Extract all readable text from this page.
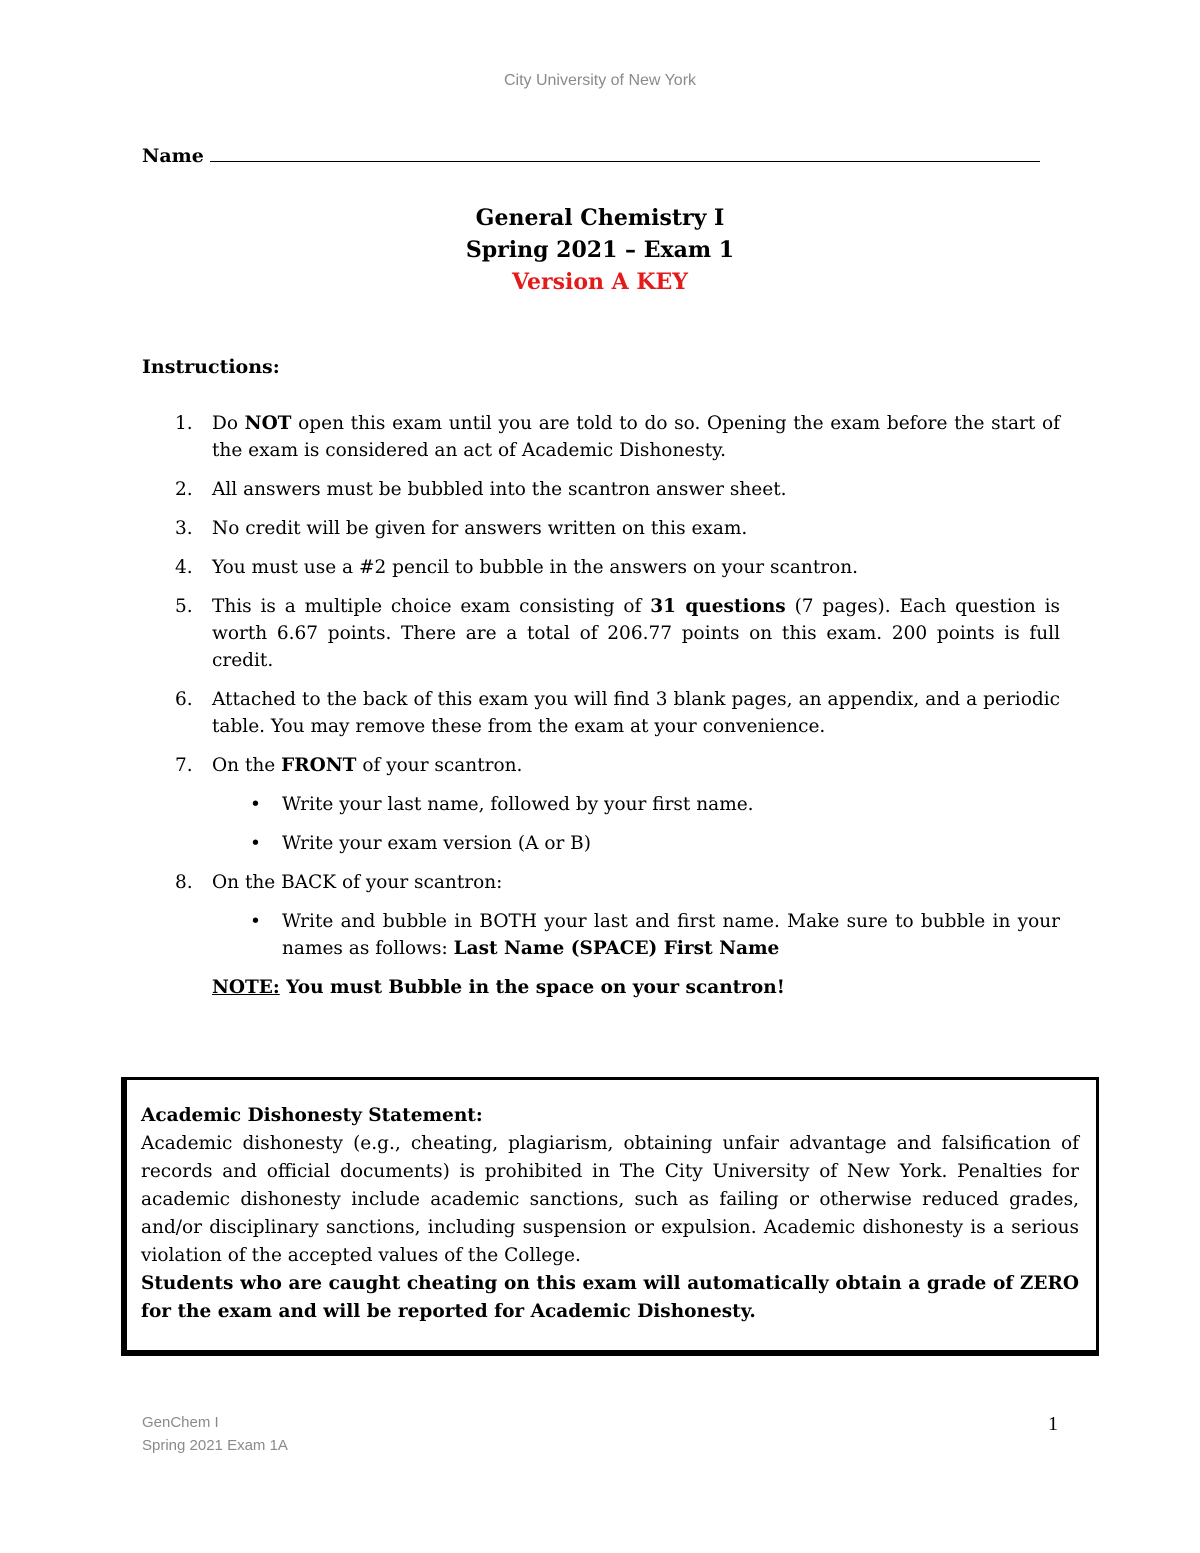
City University of New York
Name
General Chemistry I
Spring 2021 – Exam 1
Version A KEY
Instructions:
1. Do NOT open this exam until you are told to do so. Opening the exam before the start of the exam is considered an act of Academic Dishonesty.
2. All answers must be bubbled into the scantron answer sheet.
3. No credit will be given for answers written on this exam.
4. You must use a #2 pencil to bubble in the answers on your scantron.
5. This is a multiple choice exam consisting of 31 questions (7 pages). Each question is worth 6.67 points. There are a total of 206.77 points on this exam. 200 points is full credit.
6. Attached to the back of this exam you will find 3 blank pages, an appendix, and a periodic table. You may remove these from the exam at your convenience.
7. On the FRONT of your scantron.
• Write your last name, followed by your first name.
• Write your exam version (A or B)
8. On the BACK of your scantron:
• Write and bubble in BOTH your last and first name. Make sure to bubble in your names as follows: Last Name (SPACE) First Name
NOTE: You must Bubble in the space on your scantron!
Academic Dishonesty Statement:
Academic dishonesty (e.g., cheating, plagiarism, obtaining unfair advantage and falsification of records and official documents) is prohibited in The City University of New York. Penalties for academic dishonesty include academic sanctions, such as failing or otherwise reduced grades, and/or disciplinary sanctions, including suspension or expulsion. Academic dishonesty is a serious violation of the accepted values of the College.
Students who are caught cheating on this exam will automatically obtain a grade of ZERO for the exam and will be reported for Academic Dishonesty.
GenChem I
Spring 2021 Exam 1A
1
